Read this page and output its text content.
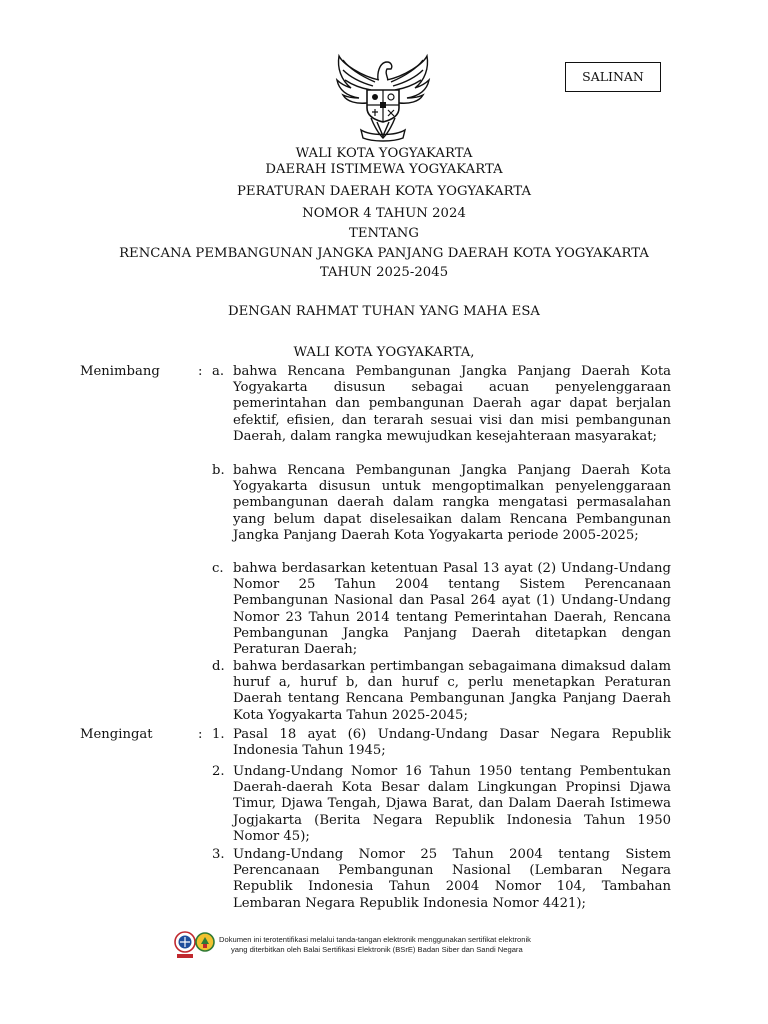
SALINAN
WALI KOTA YOGYAKARTA
DAERAH ISTIMEWA YOGYAKARTA
PERATURAN DAERAH KOTA YOGYAKARTA
NOMOR 4 TAHUN 2024
TENTANG
RENCANA PEMBANGUNAN JANGKA PANJANG DAERAH KOTA YOGYAKARTA
TAHUN 2025-2045
DENGAN RAHMAT TUHAN YANG MAHA ESA
WALI KOTA YOGYAKARTA,
Menimbang	: a. bahwa Rencana Pembangunan Jangka Panjang Daerah Kota Yogyakarta disusun sebagai acuan penyelenggaraan pemerintahan dan pembangunan Daerah agar dapat berjalan efektif, efisien, dan terarah sesuai visi dan misi pembangunan Daerah, dalam rangka mewujudkan kesejahteraan masyarakat;

b. bahwa Rencana Pembangunan Jangka Panjang Daerah Kota Yogyakarta disusun untuk mengoptimalkan penyelenggaraan pembangunan daerah dalam rangka mengatasi permasalahan yang belum dapat diselesaikan dalam Rencana Pembangunan Jangka Panjang Daerah Kota Yogyakarta periode 2005-2025;

c. bahwa berdasarkan ketentuan Pasal 13 ayat (2) Undang-Undang Nomor 25 Tahun 2004 tentang Sistem Perencanaan Pembangunan Nasional dan Pasal 264 ayat (1) Undang-Undang Nomor 23 Tahun 2014 tentang Pemerintahan Daerah, Rencana Pembangunan Jangka Panjang Daerah ditetapkan dengan Peraturan Daerah;

d. bahwa berdasarkan pertimbangan sebagaimana dimaksud dalam huruf a, huruf b, dan huruf c, perlu menetapkan Peraturan Daerah tentang Rencana Pembangunan Jangka Panjang Daerah Kota Yogyakarta Tahun 2025-2045;

Mengingat	: 1. Pasal 18 ayat (6) Undang-Undang Dasar Negara Republik Indonesia Tahun 1945;

2. Undang-Undang Nomor 16 Tahun 1950 tentang Pembentukan Daerah-daerah Kota Besar dalam Lingkungan Propinsi Djawa Timur, Djawa Tengah, Djawa Barat, dan Dalam Daerah Istimewa Jogjakarta (Berita Negara Republik Indonesia Tahun 1950 Nomor 45);

3. Undang-Undang Nomor 25 Tahun 2004 tentang Sistem Perencanaan Pembangunan Nasional (Lembaran Negara Republik Indonesia Tahun 2004 Nomor 104, Tambahan Lembaran Negara Republik Indonesia Nomor 4421);

Dokumen ini terotentifikasi melalui tanda-tangan elektronik menggunakan sertifikat elektronik
yang diterbitkan oleh Balai Sertifikasi Elektronik (BSrE) Badan Siber dan Sandi Negara
